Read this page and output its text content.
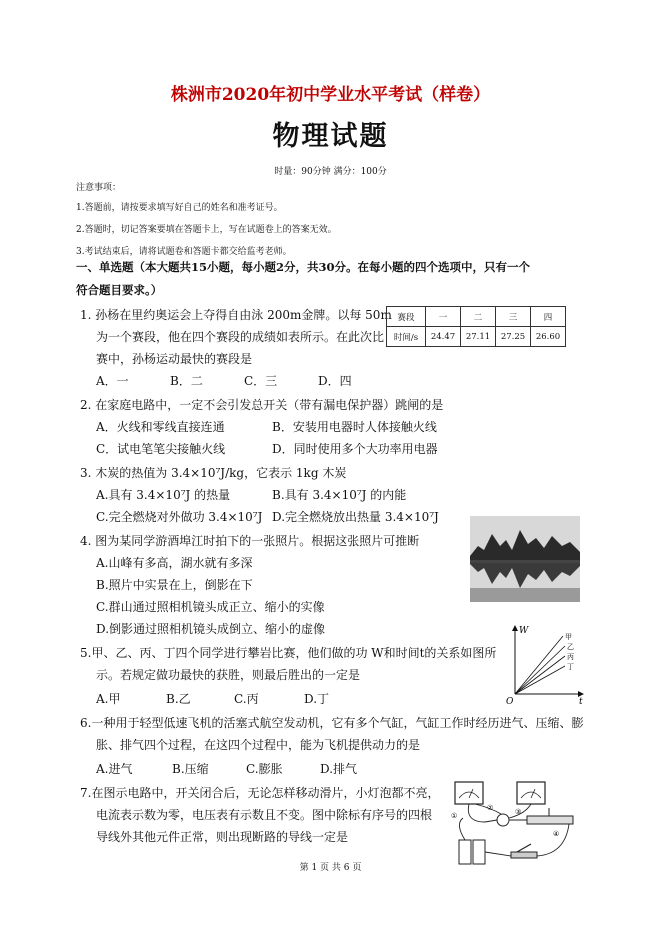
株洲市2020年初中学业水平考试（样卷）
物理试题
时量：90分钟 满分：100分
注意事项：
1.答题前，请按要求填写好自己的姓名和准考证号。
2.答题时，切记答案要填在答题卡上，写在试题卷上的答案无效。
3.考试结束后，请将试题卷和答题卡都交给监考老师。
一、单选题（本大题共15小题，每小题2分，共30分。在每小题的四个选项中，只有一个
符合题目要求。）
1. 孙杨在里约奥运会上夺得自由泳 200m金牌。以每 50m
为一个赛段，他在四个赛段的成绩如表所示。在此次比
赛中，孙杨运动最快的赛段是
A．一	B．二	C．三	D．四
赛段	一	二	三	四
时间/s	24.47	27.11	27.25	26.60
2. 在家庭电路中，一定不会引发总开关（带有漏电保护器）跳闸的是
A．火线和零线直接连通	B．安装用电器时人体接触火线
C．试电笔笔尖接触火线	D．同时使用多个大功率用电器
3. 木炭的热值为 3.4×10⁷J/kg，它表示 1kg 木炭
A.具有 3.4×10⁷J 的热量	B.具有 3.4×10⁷J 的内能
C.完全燃烧对外做功 3.4×10⁷J D.完全燃烧放出热量 3.4×10⁷J
4. 图为某同学游酒埠江时拍下的一张照片。根据这张照片可推断
A.山峰有多高，湖水就有多深
B.照片中实景在上，倒影在下
C.群山通过照相机镜头成正立、缩小的实像
D.倒影通过照相机镜头成倒立、缩小的虚像
5.甲、乙、丙、丁四个同学进行攀岩比赛，他们做的功 W和时间t的关系如图所
示。若规定做功最快的获胜，则最后胜出的一定是
A.甲	B.乙	C.丙	D.丁
W
t
O
甲
乙
丙
丁
6.一种用于轻型低速飞机的活塞式航空发动机，它有多个气缸，气缸工作时经历进气、压缩、膨
胀、排气四个过程，在这四个过程中，能为飞机提供动力的是
A.进气	B.压缩	C.膨胀	D.排气
7.在图示电路中，开关闭合后，无论怎样移动滑片，小灯泡都不亮，
电流表示数为零，电压表有示数且不变。图中除标有序号的四根
导线外其他元件正常，则出现断路的导线一定是
①
②	③
④
第 1 页 共 6 页
